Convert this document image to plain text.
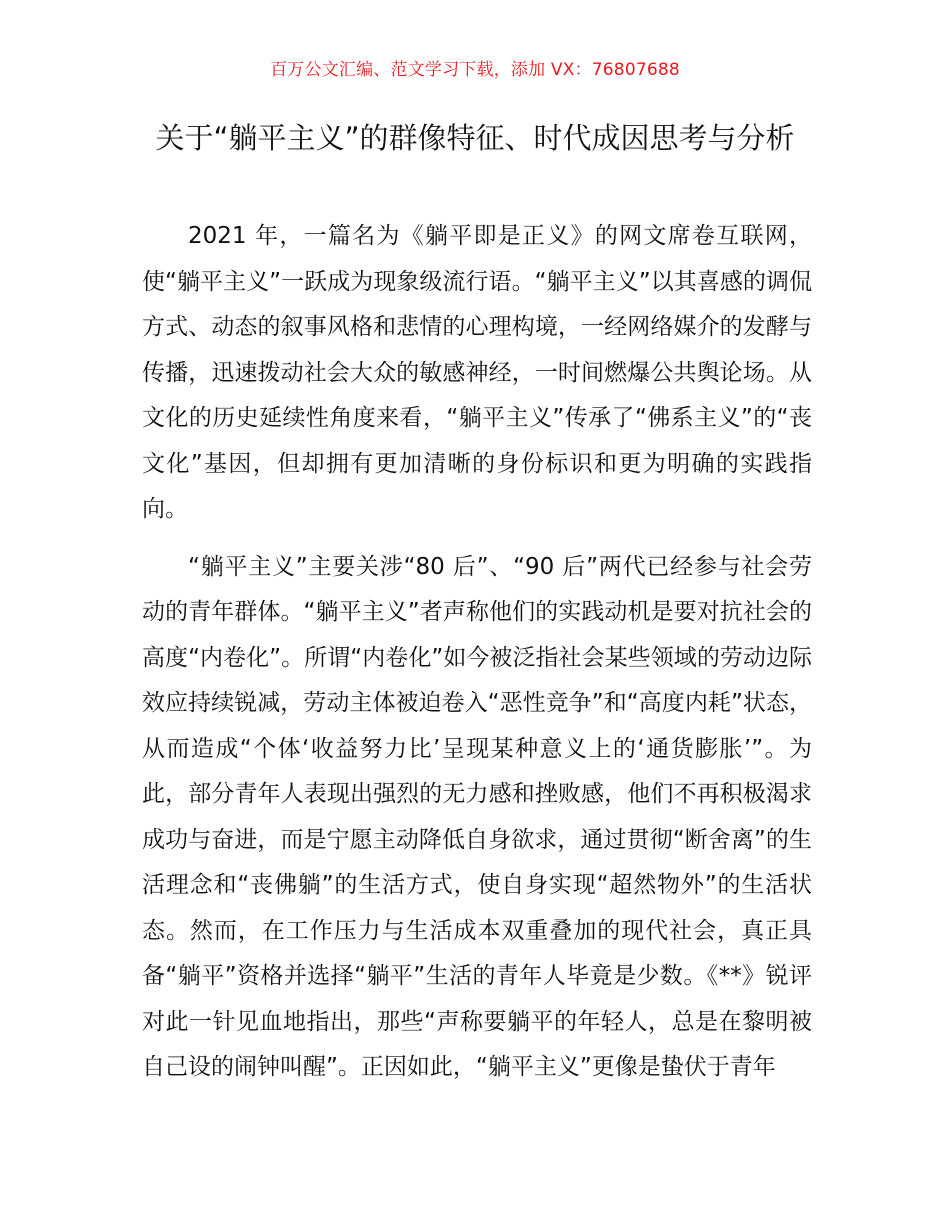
百万公文汇编、范文学习下载，添加 VX：76807688
关于“躺平主义”的群像特征、时代成因思考与分析

2021 年，一篇名为《躺平即是正义》的网文席卷互联网，使“躺平主义”一跃成为现象级流行语。“躺平主义”以其喜感的调侃方式、动态的叙事风格和悲情的心理构境，一经网络媒介的发酵与传播，迅速拨动社会大众的敏感神经，一时间燃爆公共舆论场。从文化的历史延续性角度来看，“躺平主义”传承了“佛系主义”的“丧文化”基因，但却拥有更加清晰的身份标识和更为明确的实践指向。

“躺平主义”主要关涉“80 后”、“90 后”两代已经参与社会劳动的青年群体。“躺平主义”者声称他们的实践动机是要对抗社会的高度“内卷化”。所谓“内卷化”如今被泛指社会某些领域的劳动边际效应持续锐减，劳动主体被迫卷入“恶性竞争”和“高度内耗”状态，从而造成“个体‘收益努力比’呈现某种意义上的‘通货膨胀’”。为此，部分青年人表现出强烈的无力感和挫败感，他们不再积极渴求成功与奋进，而是宁愿主动降低自身欲求，通过贯彻“断舍离”的生活理念和“丧佛躺”的生活方式，使自身实现“超然物外”的生活状态。然而，在工作压力与生活成本双重叠加的现代社会，真正具备“躺平”资格并选择“躺平”生活的青年人毕竟是少数。《**》锐评对此一针见血地指出，那些“声称要躺平的年轻人，总是在黎明被自己设的闹钟叫醒”。正因如此，“躺平主义”更像是蛰伏于青年
